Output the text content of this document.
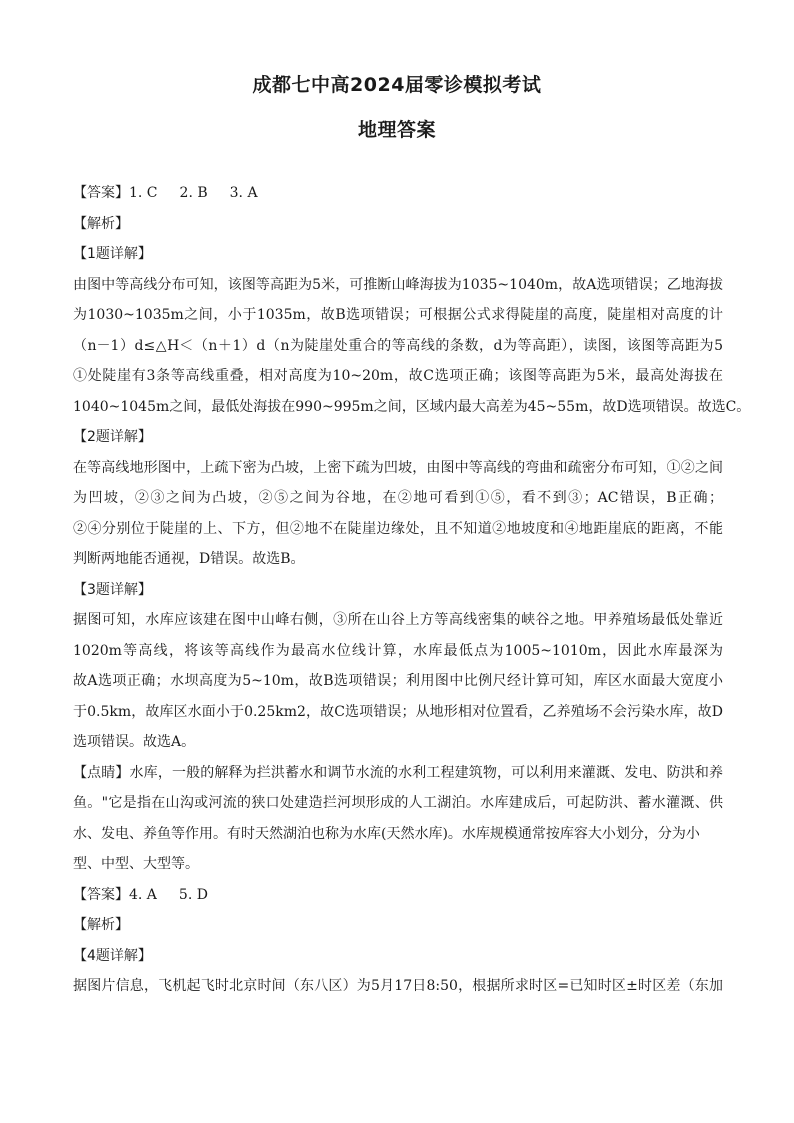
成都七中高2024届零诊模拟考试
地理答案
【答案】1. C 2. B 3. A
【解析】
【1题详解】
由图中等高线分布可知，该图等高距为5米，可推断山峰海拔为1035~1040m，故A选项错误；乙地海拔
为1030~1035m之间，小于1035m，故B选项错误；可根据公式求得陡崖的高度，陡崖相对高度的计
（n－1）d≤△H＜（n＋1）d（n为陡崖处重合的等高线的条数，d为等高距），读图，该图等高距为5
①处陡崖有3条等高线重叠，相对高度为10~20m，故C选项正确；该图等高距为5米，最高处海拔在
1040~1045m之间，最低处海拔在990~995m之间，区域内最大高差为45~55m，故D选项错误。故选C。
【2题详解】
在等高线地形图中，上疏下密为凸坡，上密下疏为凹坡，由图中等高线的弯曲和疏密分布可知，①②之间
为凹坡，②③之间为凸坡，②⑤之间为谷地，在②地可看到①⑤，看不到③；AC错误，B正确；
②④分别位于陡崖的上、下方，但②地不在陡崖边缘处，且不知道②地坡度和④地距崖底的距离，不能
判断两地能否通视，D错误。故选B。
【3题详解】
据图可知，水库应该建在图中山峰右侧，③所在山谷上方等高线密集的峡谷之地。甲养殖场最低处靠近
1020m等高线，将该等高线作为最高水位线计算，水库最低点为1005~1010m，因此水库最深为
故A选项正确；水坝高度为5~10m，故B选项错误；利用图中比例尺经计算可知，库区水面最大宽度小
于0.5km，故库区水面小于0.25km2，故C选项错误；从地形相对位置看，乙养殖场不会污染水库，故D
选项错误。故选A。
【点睛】水库，一般的解释为拦洪蓄水和调节水流的水利工程建筑物，可以利用来灌溉、发电、防洪和养
鱼。"它是指在山沟或河流的狭口处建造拦河坝形成的人工湖泊。水库建成后，可起防洪、蓄水灌溉、供
水、发电、养鱼等作用。有时天然湖泊也称为水库(天然水库)。水库规模通常按库容大小划分，分为小
型、中型、大型等。
【答案】4. A 5. D
【解析】
【4题详解】
据图片信息，飞机起飞时北京时间（东八区）为5月17日8:50，根据所求时区=已知时区±时区差（东加
